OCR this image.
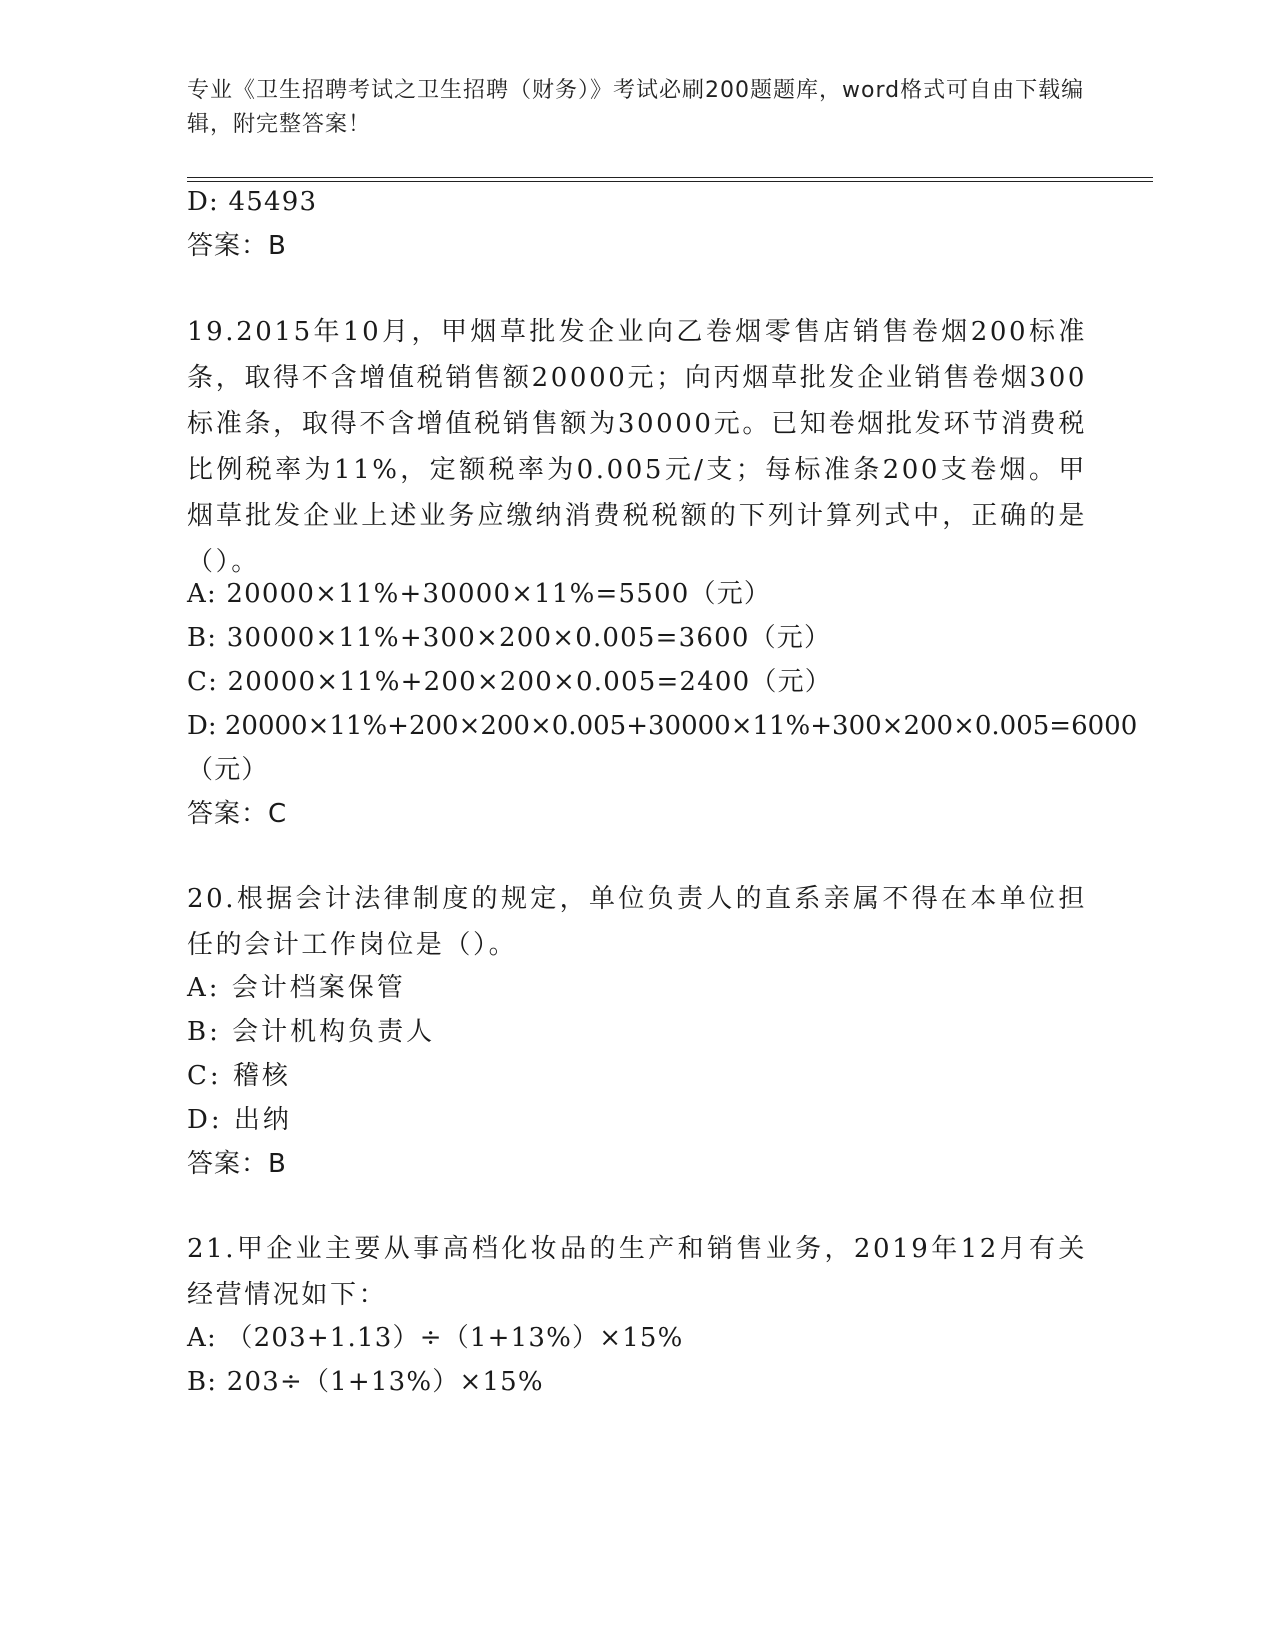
专业《卫生招聘考试之卫生招聘（财务）》考试必刷200题题库，word格式可自由下载编辑，附完整答案！
D: 45493
答案：B
19.2015年10月，甲烟草批发企业向乙卷烟零售店销售卷烟200标准条，取得不含增值税销售额20000元；向丙烟草批发企业销售卷烟300标准条，取得不含增值税销售额为30000元。已知卷烟批发环节消费税比例税率为11%，定额税率为0.005元/支；每标准条200支卷烟。甲烟草批发企业上述业务应缴纳消费税税额的下列计算列式中，正确的是（）。
A: 20000×11%+30000×11%=5500（元）
B: 30000×11%+300×200×0.005=3600（元）
C: 20000×11%+200×200×0.005=2400（元）
D: 20000×11%+200×200×0.005+30000×11%+300×200×0.005=6000
（元）
答案：C
20.根据会计法律制度的规定，单位负责人的直系亲属不得在本单位担任的会计工作岗位是（）。
A: 会计档案保管
B: 会计机构负责人
C: 稽核
D: 出纳
答案：B
21.甲企业主要从事高档化妆品的生产和销售业务，2019年12月有关经营情况如下：
A: （203+1.13）÷（1+13%）×15%
B: 203÷（1+13%）×15%
